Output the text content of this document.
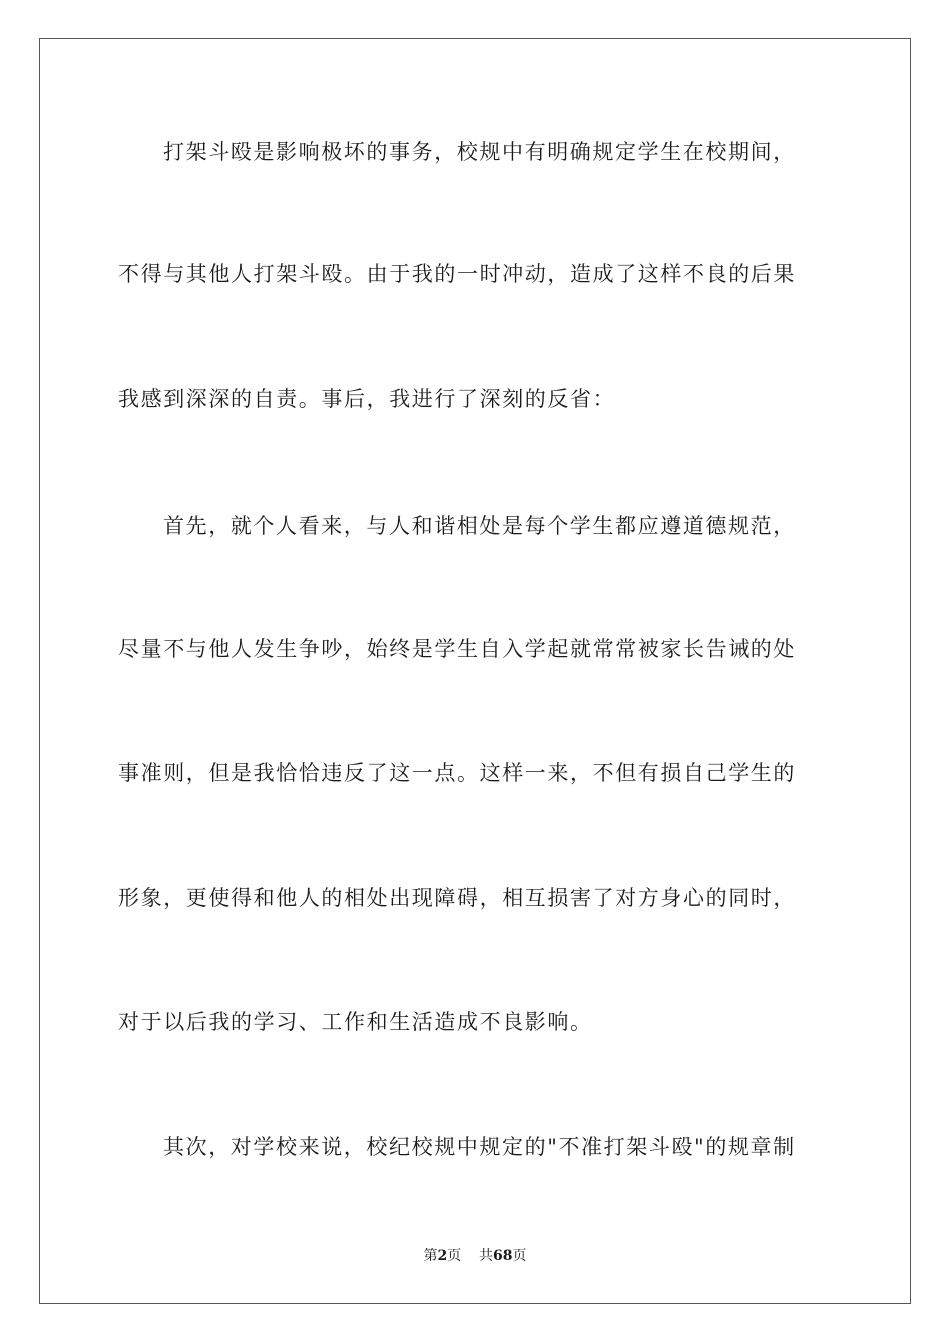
打架斗殴是影响极坏的事务，校规中有明确规定学生在校期间，
不得与其他人打架斗殴。由于我的一时冲动，造成了这样不良的后果
我感到深深的自责。事后，我进行了深刻的反省：
首先，就个人看来，与人和谐相处是每个学生都应遵道德规范，
尽量不与他人发生争吵，始终是学生自入学起就常常被家长告诫的处
事准则，但是我恰恰违反了这一点。这样一来，不但有损自己学生的
形象，更使得和他人的相处出现障碍，相互损害了对方身心的同时，
对于以后我的学习、工作和生活造成不良影响。
其次，对学校来说，校纪校规中规定的"不准打架斗殴"的规章制
第2页 共68页
